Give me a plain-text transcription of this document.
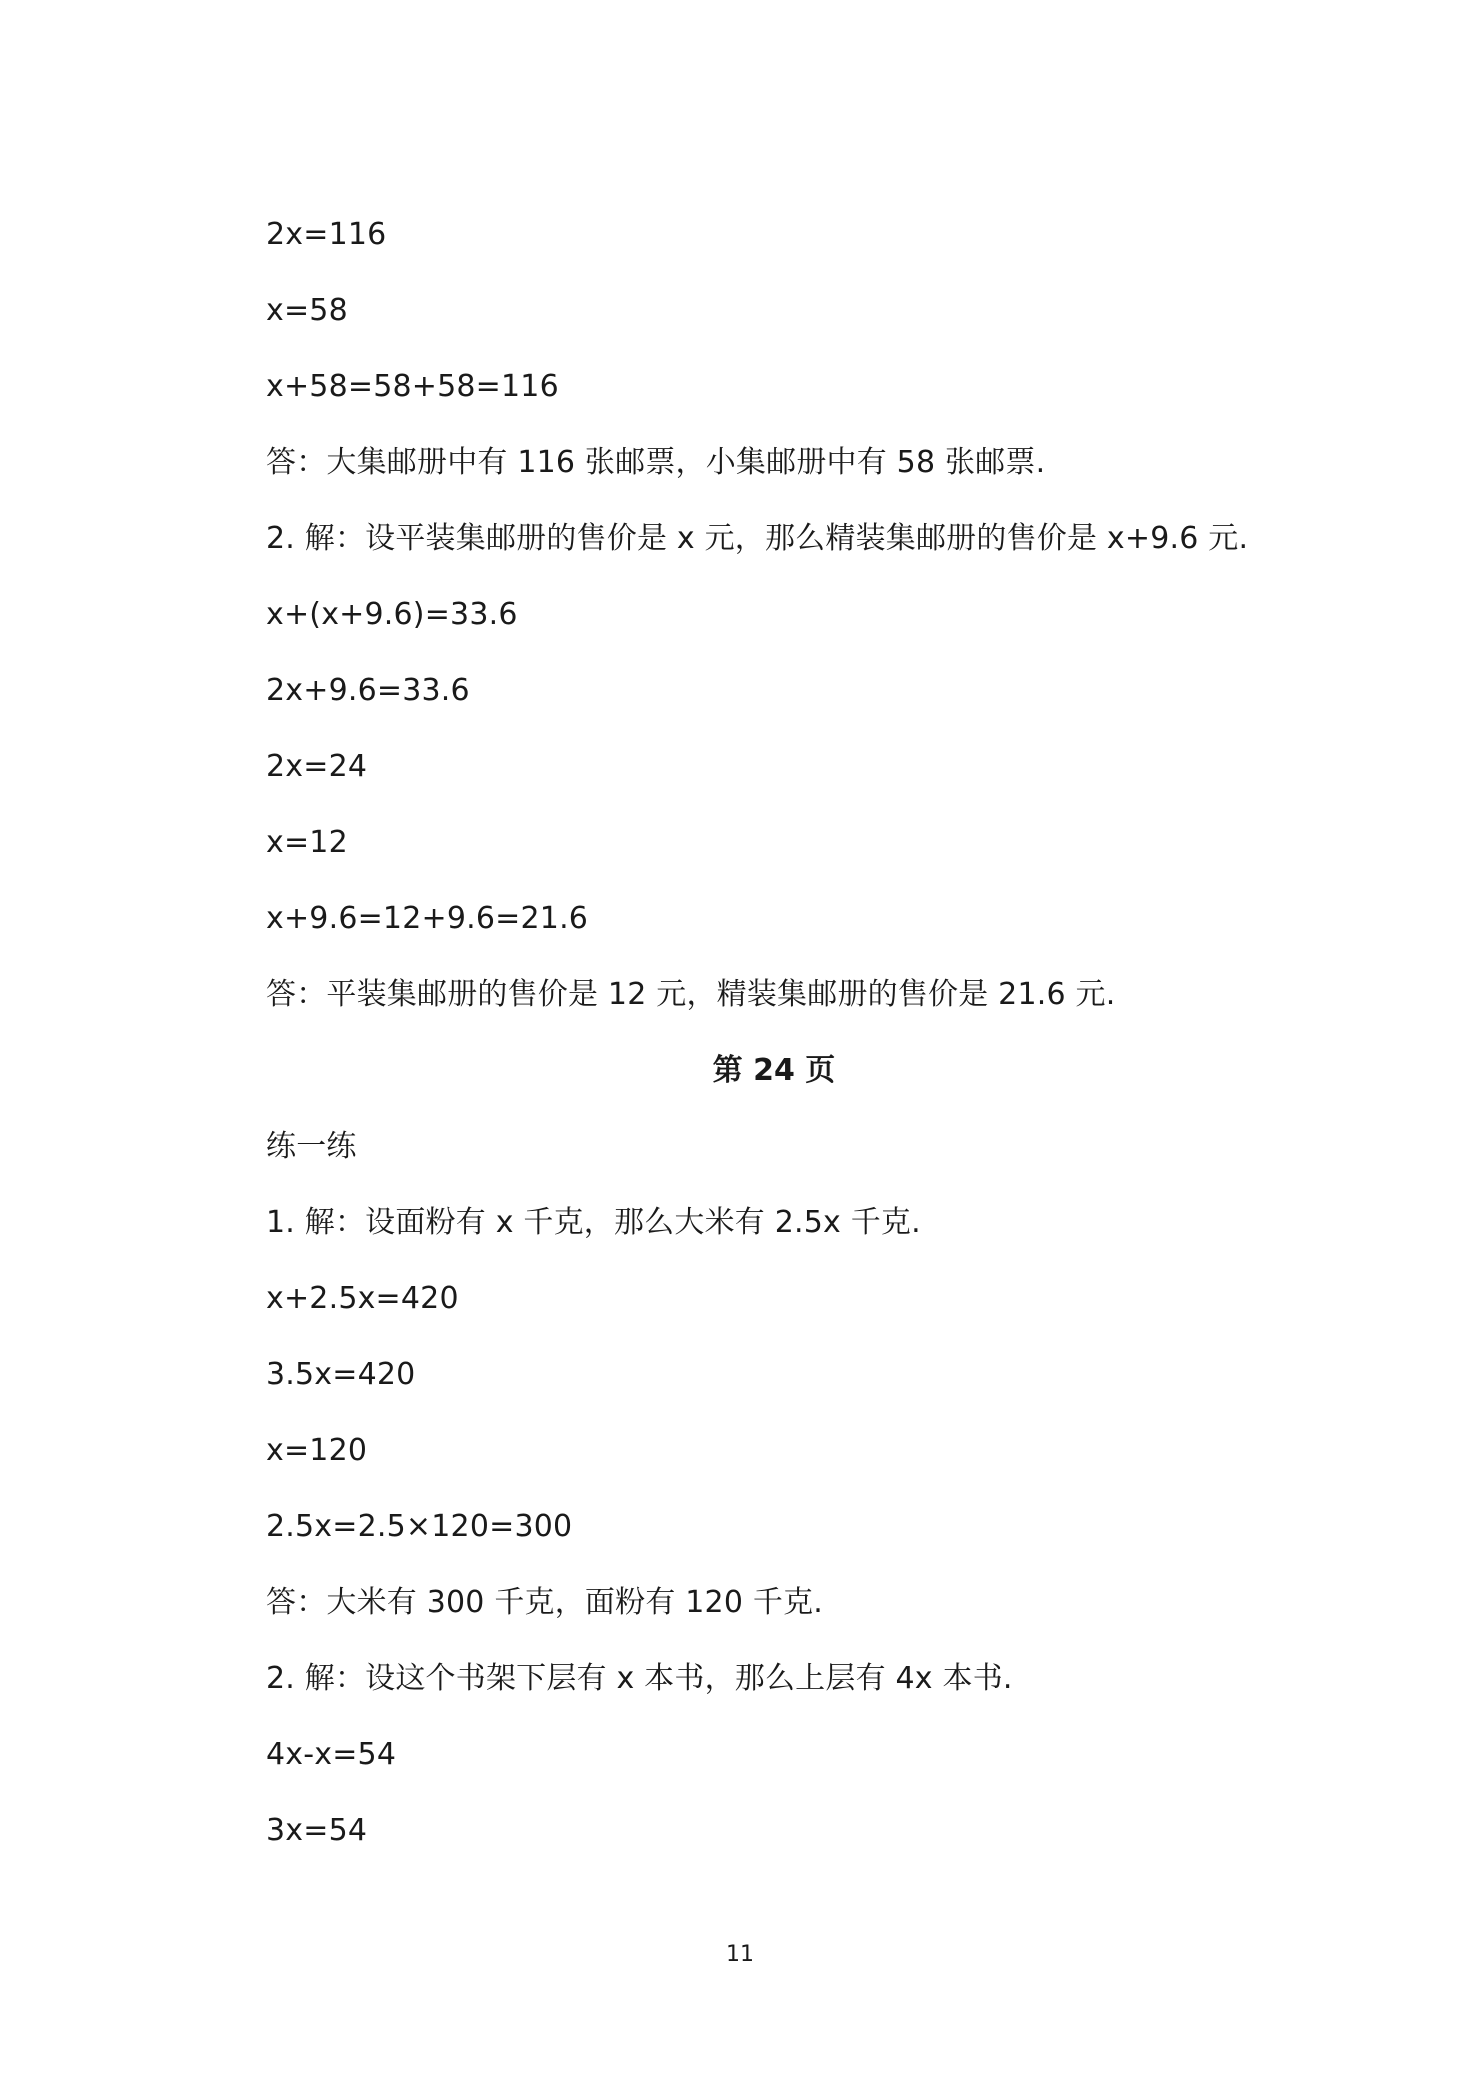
2x=116
x=58
x+58=58+58=116
答：大集邮册中有 116 张邮票，小集邮册中有 58 张邮票.
2. 解：设平装集邮册的售价是 x 元，那么精装集邮册的售价是 x+9.6 元.
x+(x+9.6)=33.6
2x+9.6=33.6
2x=24
x=12
x+9.6=12+9.6=21.6
答：平装集邮册的售价是 12 元，精装集邮册的售价是 21.6 元.
第 24 页
练一练
1. 解：设面粉有 x 千克，那么大米有 2.5x 千克.
x+2.5x=420
3.5x=420
x=120
2.5x=2.5×120=300
答：大米有 300 千克，面粉有 120 千克.
2. 解：设这个书架下层有 x 本书，那么上层有 4x 本书.
4x-x=54
3x=54
11
